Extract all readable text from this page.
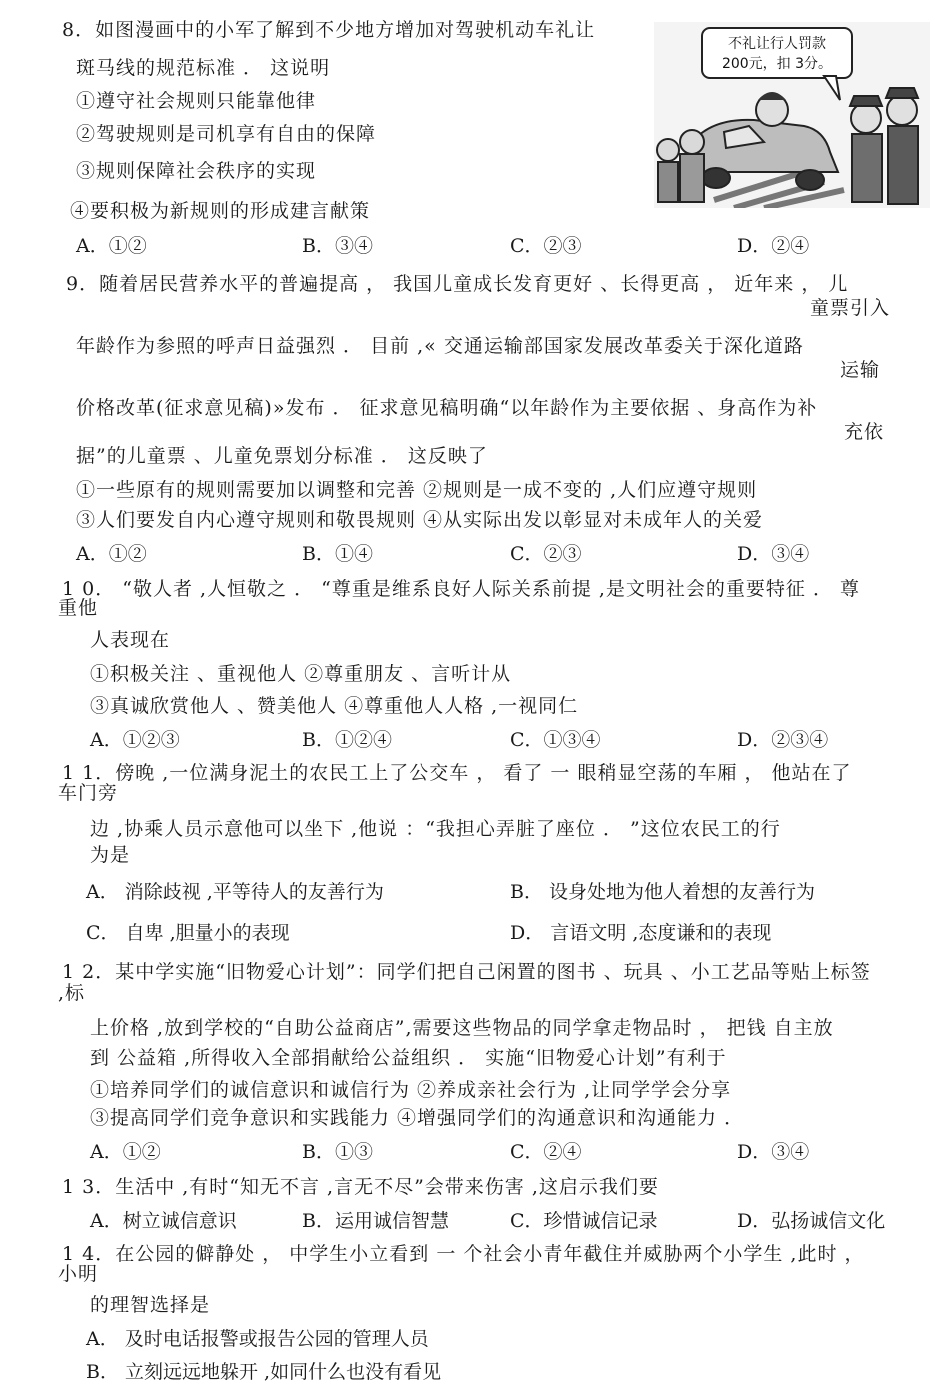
8．如图漫画中的小军了解到不少地方增加对驾驶机动车礼让
斑马线的规范标准 ． 这说明
①遵守社会规则只能靠他律
②驾驶规则是司机享有自由的保障
③规则保障社会秩序的实现
④要积极为新规则的形成建言献策
A．①②	B．③④	C．②③	D．②④
不礼让行人罚款
200元，扣 3分。
9．随着居民营养水平的普遍提高 ， 我国儿童成长发育更好 、长得更高 ， 近年来 ， 儿
童票引入
年龄作为参照的呼声日益强烈 ． 目前 ,« 交通运输部国家发展改革委关于深化道路
运输
价格改革(征求意见稿)»发布 ． 征求意见稿明确“以年龄作为主要依据 、身高作为补
充依
据”的儿童票 、儿童免票划分标准 ． 这反映了
①一些原有的规则需要加以调整和完善 ②规则是一成不变的 ,人们应遵守规则
③人们要发自内心遵守规则和敬畏规则 ④从实际出发以彰显对未成年人的关爱
A．①②	B．①④	C．②③	D．③④
1 0． “敬人者 ,人恒敬之 ． “尊重是维系良好人际关系前提 ,是文明社会的重要特征 ． 尊
重他
人表现在
①积极关注 、重视他人 ②尊重朋友 、言听计从
③真诚欣赏他人 、赞美他人 ④尊重他人人格 ,一视同仁
A．①②③	B．①②④	C．①③④	D．②③④
1 1．傍晚 ,一位满身泥土的农民工上了公交车 ， 看了 一 眼稍显空荡的车厢 ， 他站在了
车门旁
边 ,协乘人员示意他可以坐下 ,他说 ：“我担心弄脏了座位 ． ”这位农民工的行
为是
A． 消除歧视 ,平等待人的友善行为	B． 设身处地为他人着想的友善行为
C． 自卑 ,胆量小的表现	D． 言语文明 ,态度谦和的表现
1 2．某中学实施“旧物爱心计划”：同学们把自己闲置的图书 、玩具 、小工艺品等贴上标签
,标
上价格 ,放到学校的“自助公益商店”,需要这些物品的同学拿走物品时 ， 把钱 自主放
到 公益箱 ,所得收入全部捐献给公益组织 ． 实施“旧物爱心计划”有利于
①培养同学们的诚信意识和诚信行为 ②养成亲社会行为 ,让同学学会分享
③提高同学们竞争意识和实践能力 ④增强同学们的沟通意识和沟通能力 ．
A．①②	B．①③	C．②④	D．③④
1 3．生活中 ,有时“知无不言 ,言无不尽”会带来伤害 ,这启示我们要
A．树立诚信意识	B．运用诚信智慧	C．珍惜诚信记录	D．弘扬诚信文化
1 4．在公园的僻静处 ， 中学生小立看到 一 个社会小青年截住并威胁两个小学生 ,此时 ，
小明
的理智选择是
A． 及时电话报警或报告公园的管理人员
B． 立刻远远地躲开 ,如同什么也没有看见
